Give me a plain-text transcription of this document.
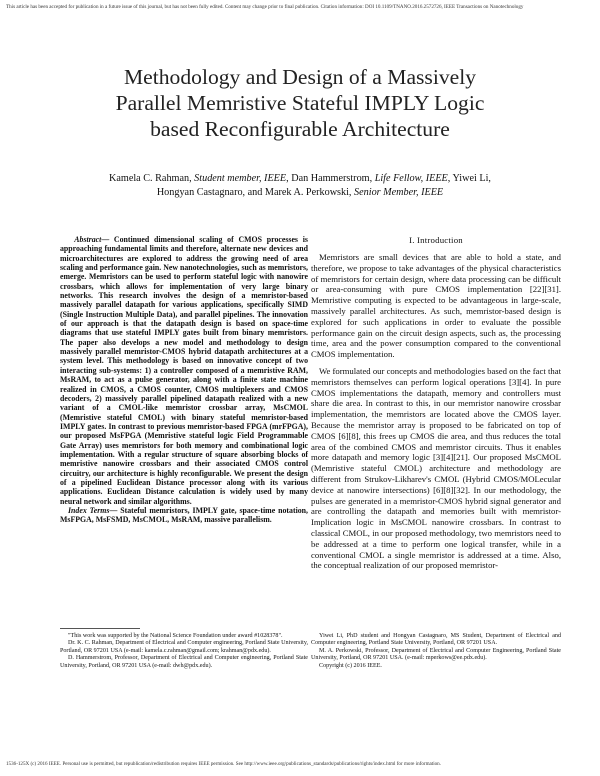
This article has been accepted for publication in a future issue of this journal, but has not been fully edited. Content may change prior to final publication. Citation information: DOI 10.1109/TNANO.2016.2572726, IEEE Transactions on Nanotechnology
Methodology and Design of a Massively
Parallel Memristive Stateful IMPLY Logic
based Reconfigurable Architecture
Kamela C. Rahman, Student member, IEEE, Dan Hammerstrom, Life Fellow, IEEE, Yiwei Li,
Hongyan Castagnaro, and Marek A. Perkowski, Senior Member, IEEE

Abstract— Continued dimensional scaling of CMOS processes is approaching fundamental limits and therefore, alternate new devices and microarchitectures are explored to address the growing need of area scaling and performance gain. New nanotechnologies, such as memristors, emerge. Memristors can be used to perform stateful logic with nanowire crossbars, which allows for implementation of very large binary networks. This research involves the design of a memristor-based massively parallel datapath for various applications, specifically SIMD (Single Instruction Multiple Data), and parallel pipelines. The innovation of our approach is that the datapath design is based on space-time diagrams that use stateful IMPLY gates built from binary memristors. The paper also develops a new model and methodology to design massively parallel memristor-CMOS hybrid datapath architectures at a system level. This methodology is based on innovative concept of two interacting sub-systems: 1) a controller composed of a memristive RAM, MsRAM, to act as a pulse generator, along with a finite state machine realized in CMOS, a CMOS counter, CMOS multiplexers and CMOS decoders, 2) massively parallel pipelined datapath realized with a new variant of a CMOL-like memristor crossbar array, MsCMOL (Memristive stateful CMOL) with binary stateful memristor-based IMPLY gates. In contrast to previous memristor-based FPGA (mrFPGA), our proposed MsFPGA (Memristive stateful logic Field Programmable Gate Array) uses memristors for both memory and combinational logic implementation. With a regular structure of square absorbing blocks of memristive nanowire crossbars and their associated CMOS control circuitry, our architecture is highly reconfigurable. We present the design of a pipelined Euclidean Distance processor along with its various applications. Euclidean Distance calculation is widely used by many neural network and similar algorithms.

Index Terms— Stateful memristors, IMPLY gate, space-time notation, MsFPGA, MsFSMD, MsCMOL, MsRAM, massive parallelism.

I. Introduction

Memristors are small devices that are able to hold a state, and therefore, we propose to take advantages of the physical characteristics of memristors for certain design, where data processing can be difficult or area-consuming with pure CMOS implementation [22][31]. Memristive computing is expected to be advantageous in large-scale, massively parallel architectures. As such, memristor-based design is explored for such applications in order to evaluate the possible performance gain on the circuit design aspects, such as, the processing time, area and the power consumption compared to the conventional CMOS implementation.

We formulated our concepts and methodologies based on the fact that memristors themselves can perform logical operations [3][4]. In pure CMOS implementations the datapath, memory and controllers must share die area. In contrast to this, in our memristor nanowire crossbar implementation, the memristors are located above the CMOS layer. Because the memristor array is proposed to be fabricated on top of CMOS [6][8], this frees up CMOS die area, and thus reduces the total area of the combined CMOS and memristor circuits. Thus it enables more datapath and memory logic [3][4][21]. Our proposed MsCMOL (Memristive stateful CMOL) architecture and methodology are different from Strukov-Likharev's CMOL (Hybrid CMOS/MOLecular device at nanowire intersections) [6][8][32]. In our methodology, the pulses are generated in a memristor-CMOS hybrid signal generator and are controlling the datapath and memories built with memristor-Implication logic in MsCMOL nanowire crossbars. In contrast to classical CMOL, in our proposed methodology, two memristors need to be addressed at a time to perform one logical transfer, while in a conventional CMOL a single memristor is addressed at a time. Also, the conceptual realization of our proposed memristor-

"This work was supported by the National Science Foundation under award #1028378".

Dr. K. C. Rahman, Department of Electrical and Computer engineering, Portland State University, Portland, OR 97201 USA (e-mail: kamela.c.rahman@gmail.com; krahman@pdx.edu).

D. Hammerstrom, Professor, Department of Electrical and Computer engineering, Portland State University, Portland, OR 97201 USA (e-mail: dwh@pdx.edu).

Yiwei Li, PhD student and Hongyan Castagnaro, MS Student, Department of Electrical and Computer engineering, Portland State University, Portland, OR 97201 USA.

M. A. Perkowski, Professor, Department of Electrical and Computer Engineering, Portland State University, Portland, OR 97201 USA. (e-mail: mperkows@ee.pdx.edu).

Copyright (c) 2016 IEEE.

1536-125X (c) 2016 IEEE. Personal use is permitted, but republication/redistribution requires IEEE permission. See http://www.ieee.org/publications_standards/publications/rights/index.html for more information.
